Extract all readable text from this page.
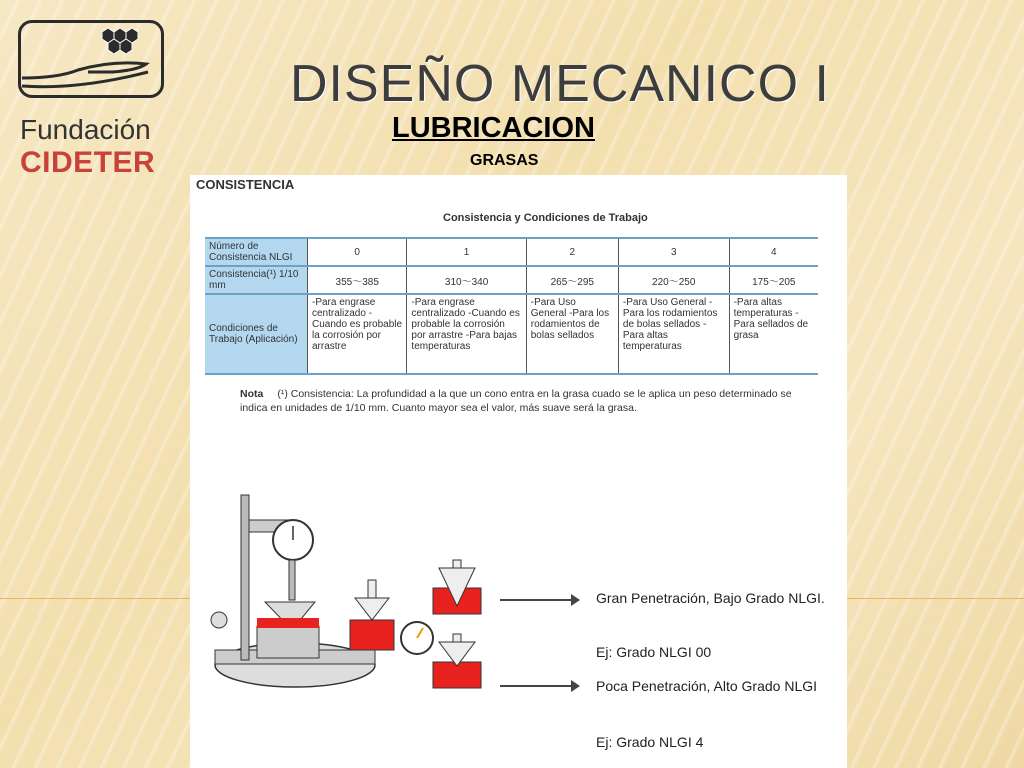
Fundación
CIDETER
DISEÑO MECANICO I
LUBRICACION
GRASAS
CONSISTENCIA
Consistencia y Condiciones de Trabajo
Número de Consistencia NLGI	0	1	2	3	4
Consistencia(¹) 1/10 mm	355～385	310～340	265～295	220～250	175～205
Condiciones de Trabajo (Aplicación)	-Para engrase centralizado -Cuando es probable la corrosión por arrastre	-Para engrase centralizado -Cuando es probable la corrosión por arrastre -Para bajas temperaturas	-Para Uso General -Para los rodamientos de bolas sellados	-Para Uso General -Para los rodamientos de bolas sellados -Para altas temperaturas	-Para altas temperaturas -Para sellados de grasa
Nota (¹) Consistencia: La profundidad a la que un cono entra en la grasa cuado se le aplica un peso determinado se indica en unidades de 1/10 mm. Cuanto mayor sea el valor, más suave será la grasa.
Gran Penetración, Bajo Grado NLGI.
Ej: Grado NLGI 00
Poca Penetración, Alto Grado NLGI
Ej: Grado NLGI 4
